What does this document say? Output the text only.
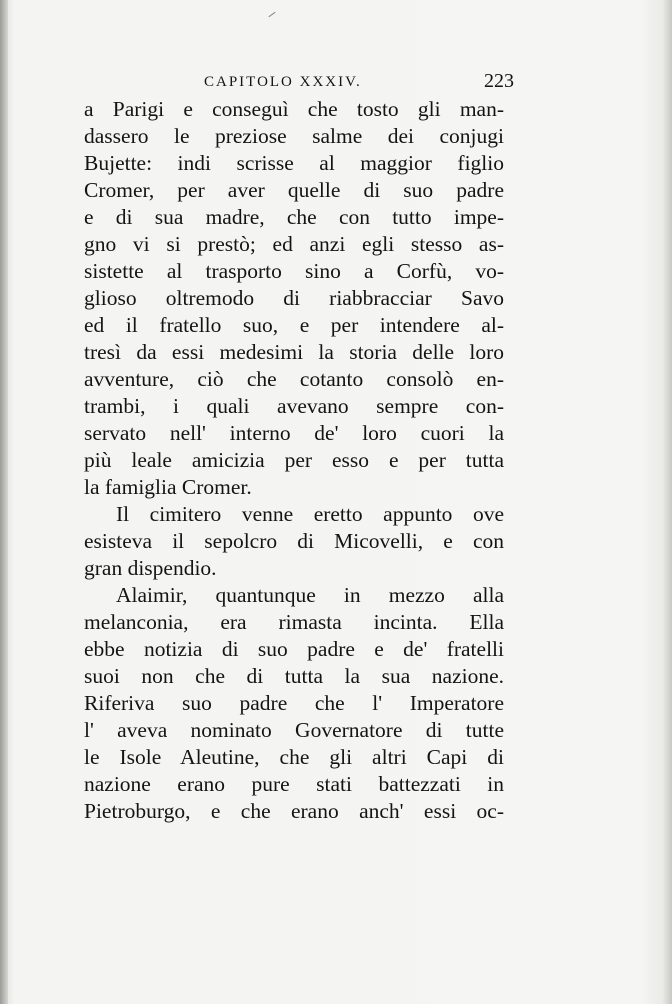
CAPITOLO XXXIV.	223
a Parigi e conseguì che tosto gli man-
dassero le preziose salme dei conjugi
Bujette: indi scrisse al maggior figlio
Cromer, per aver quelle di suo padre
e di sua madre, che con tutto impe-
gno vi si prestò; ed anzi egli stesso as-
sistette al trasporto sino a Corfù, vo-
glioso oltremodo di riabbracciar Savo
ed il fratello suo, e per intendere al-
tresì da essi medesimi la storia delle loro
avventure, ciò che cotanto consolò en-
trambi, i quali avevano sempre con-
servato nell' interno de' loro cuori la
più leale amicizia per esso e per tutta
la famiglia Cromer.
Il cimitero venne eretto appunto ove
esisteva il sepolcro di Micovelli, e con
gran dispendio.
Alaimir, quantunque in mezzo alla
melanconia, era rimasta incinta. Ella
ebbe notizia di suo padre e de' fratelli
suoi non che di tutta la sua nazione.
Riferiva suo padre che l' Imperatore
l' aveva nominato Governatore di tutte
le Isole Aleutine, che gli altri Capi di
nazione erano pure stati battezzati in
Pietroburgo, e che erano anch' essi oc-
